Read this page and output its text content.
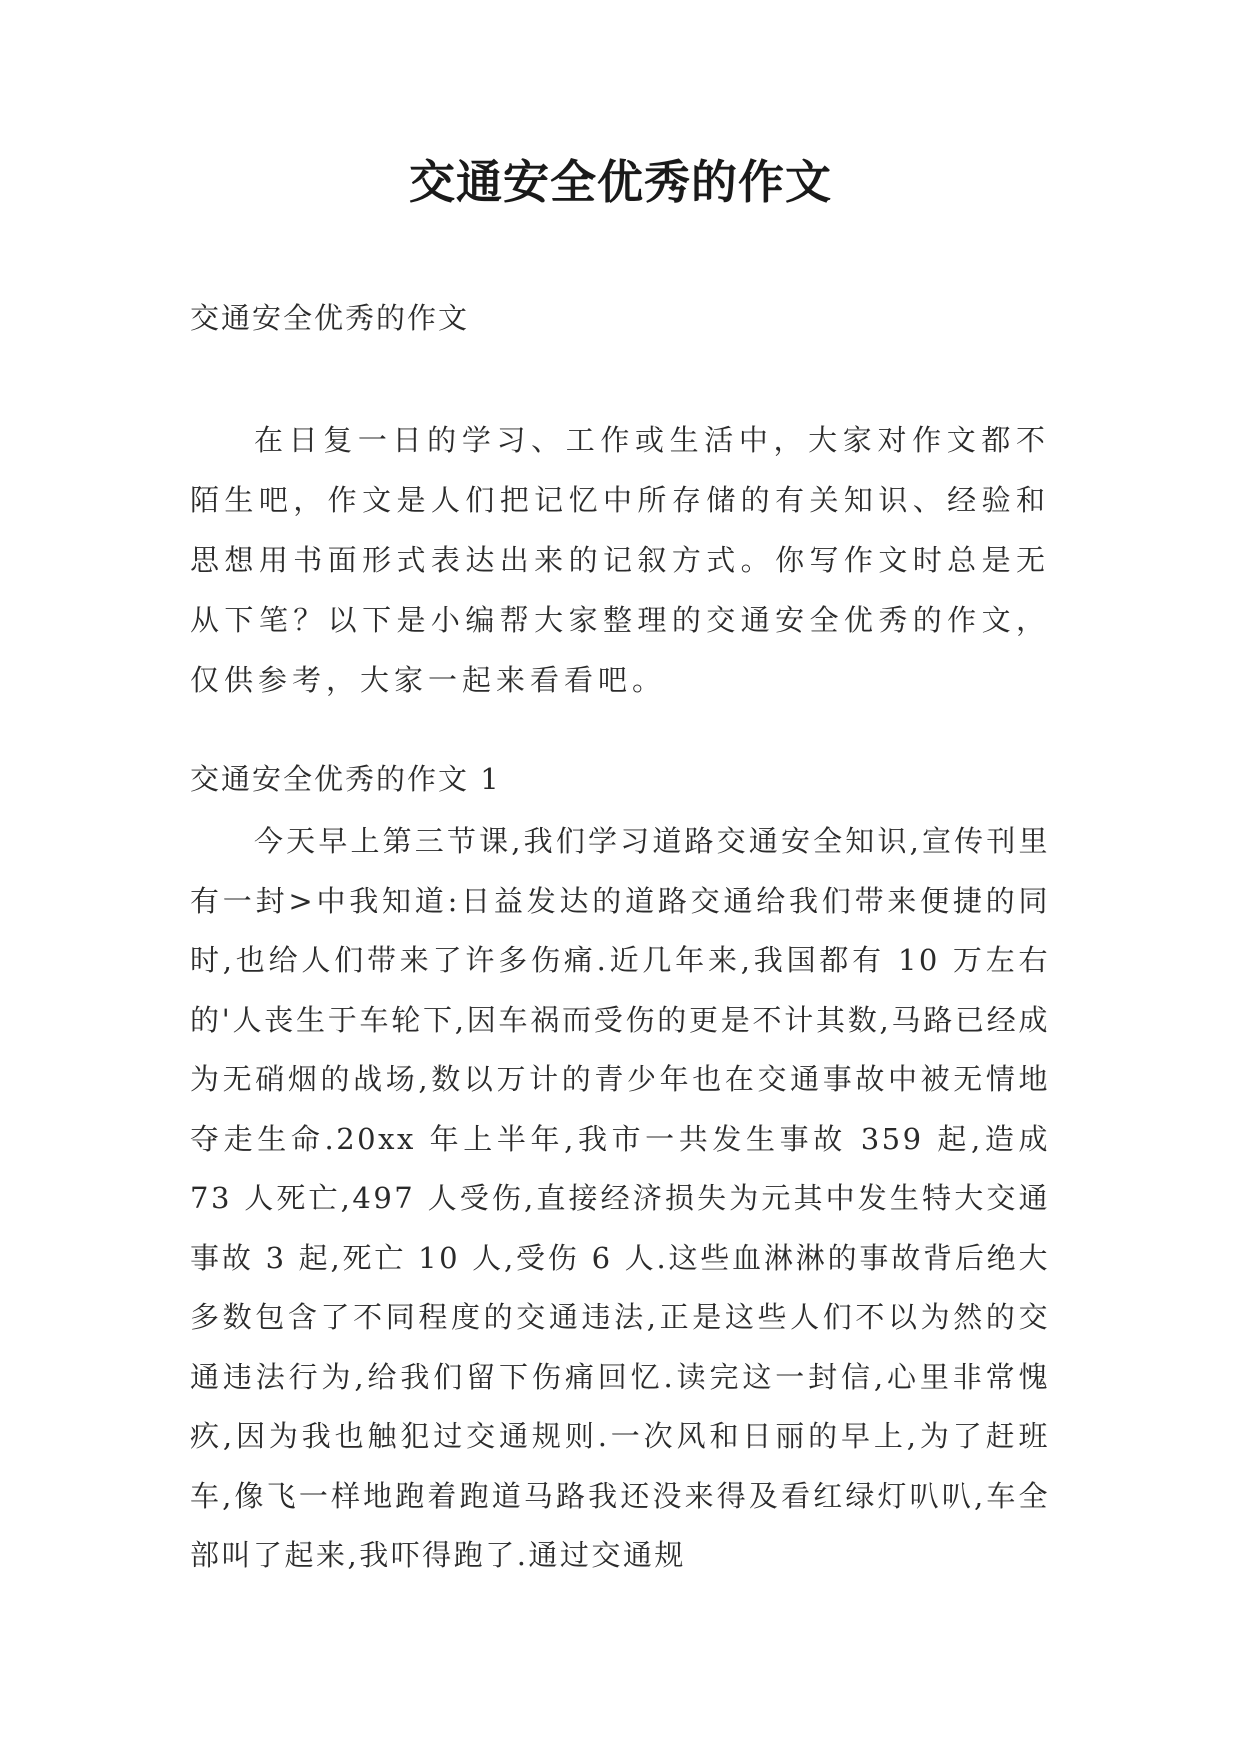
交通安全优秀的作文

交通安全优秀的作文

在日复一日的学习、工作或生活中，大家对作文都不陌生吧，作文是人们把记忆中所存储的有关知识、经验和思想用书面形式表达出来的记叙方式。你写作文时总是无从下笔？以下是小编帮大家整理的交通安全优秀的作文，仅供参考，大家一起来看看吧。

交通安全优秀的作文 1

今天早上第三节课,我们学习道路交通安全知识,宣传刊里有一封>中我知道:日益发达的道路交通给我们带来便捷的同时,也给人们带来了许多伤痛.近几年来,我国都有 10 万左右的'人丧生于车轮下,因车祸而受伤的更是不计其数,马路已经成为无硝烟的战场,数以万计的青少年也在交通事故中被无情地夺走生命.20xx 年上半年,我市一共发生事故 359 起,造成 73 人死亡,497 人受伤,直接经济损失为元其中发生特大交通事故 3 起,死亡 10 人,受伤 6 人.这些血淋淋的事故背后绝大多数包含了不同程度的交通违法,正是这些人们不以为然的交通违法行为,给我们留下伤痛回忆.读完这一封信,心里非常愧疚,因为我也触犯过交通规则.一次风和日丽的早上,为了赶班车,像飞一样地跑着跑道马路我还没来得及看红绿灯叭叭,车全部叫了起来,我吓得跑了.通过交通规
